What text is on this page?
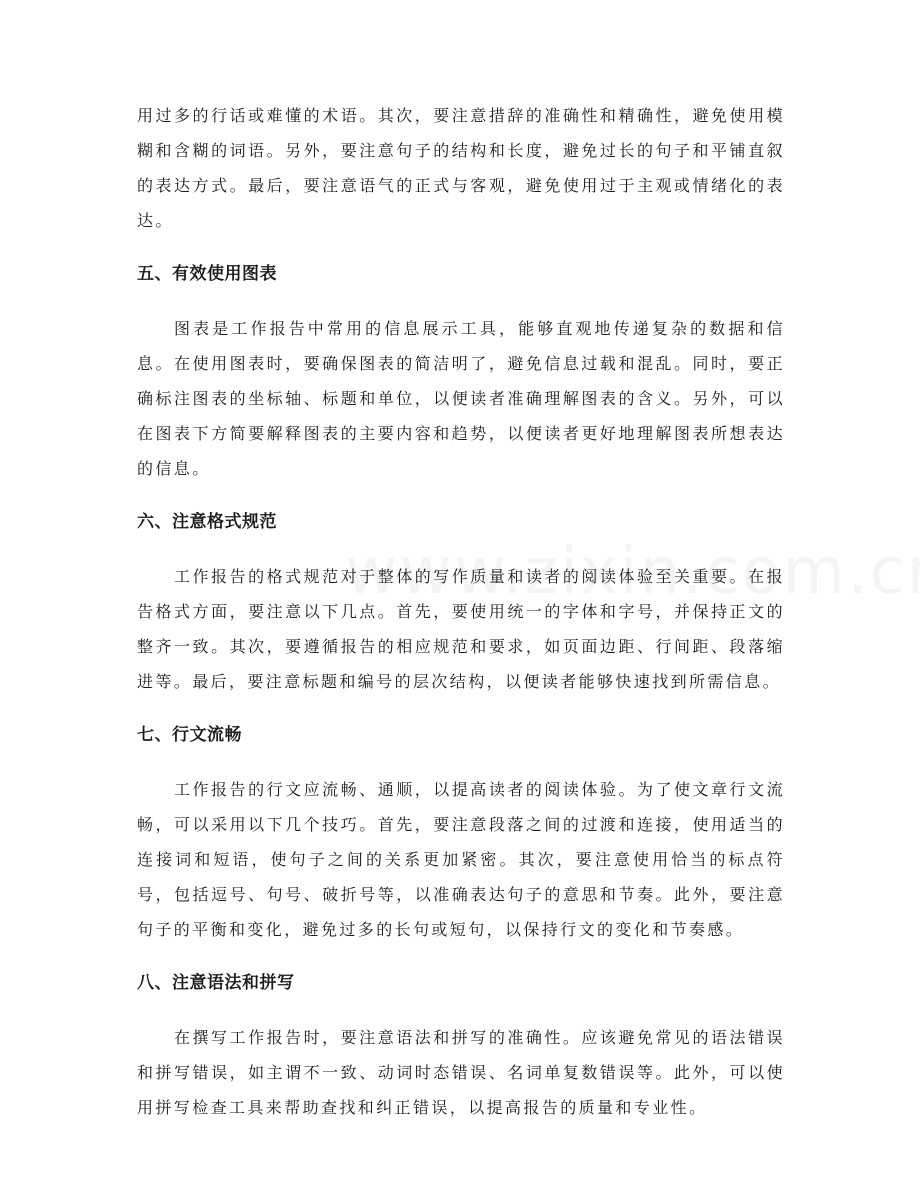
用过多的行话或难懂的术语。其次，要注意措辞的准确性和精确性，避免使用模糊和含糊的词语。另外，要注意句子的结构和长度，避免过长的句子和平铺直叙的表达方式。最后，要注意语气的正式与客观，避免使用过于主观或情绪化的表达。

五、有效使用图表

图表是工作报告中常用的信息展示工具，能够直观地传递复杂的数据和信息。在使用图表时，要确保图表的简洁明了，避免信息过载和混乱。同时，要正确标注图表的坐标轴、标题和单位，以便读者准确理解图表的含义。另外，可以在图表下方简要解释图表的主要内容和趋势，以便读者更好地理解图表所想表达的信息。

六、注意格式规范

工作报告的格式规范对于整体的写作质量和读者的阅读体验至关重要。在报告格式方面，要注意以下几点。首先，要使用统一的字体和字号，并保持正文的整齐一致。其次，要遵循报告的相应规范和要求，如页面边距、行间距、段落缩进等。最后，要注意标题和编号的层次结构，以便读者能够快速找到所需信息。

七、行文流畅

工作报告的行文应流畅、通顺，以提高读者的阅读体验。为了使文章行文流畅，可以采用以下几个技巧。首先，要注意段落之间的过渡和连接，使用适当的连接词和短语，使句子之间的关系更加紧密。其次，要注意使用恰当的标点符号，包括逗号、句号、破折号等，以准确表达句子的意思和节奏。此外，要注意句子的平衡和变化，避免过多的长句或短句，以保持行文的变化和节奏感。

八、注意语法和拼写

在撰写工作报告时，要注意语法和拼写的准确性。应该避免常见的语法错误和拼写错误，如主谓不一致、动词时态错误、名词单复数错误等。此外，可以使用拼写检查工具来帮助查找和纠正错误，以提高报告的质量和专业性。
